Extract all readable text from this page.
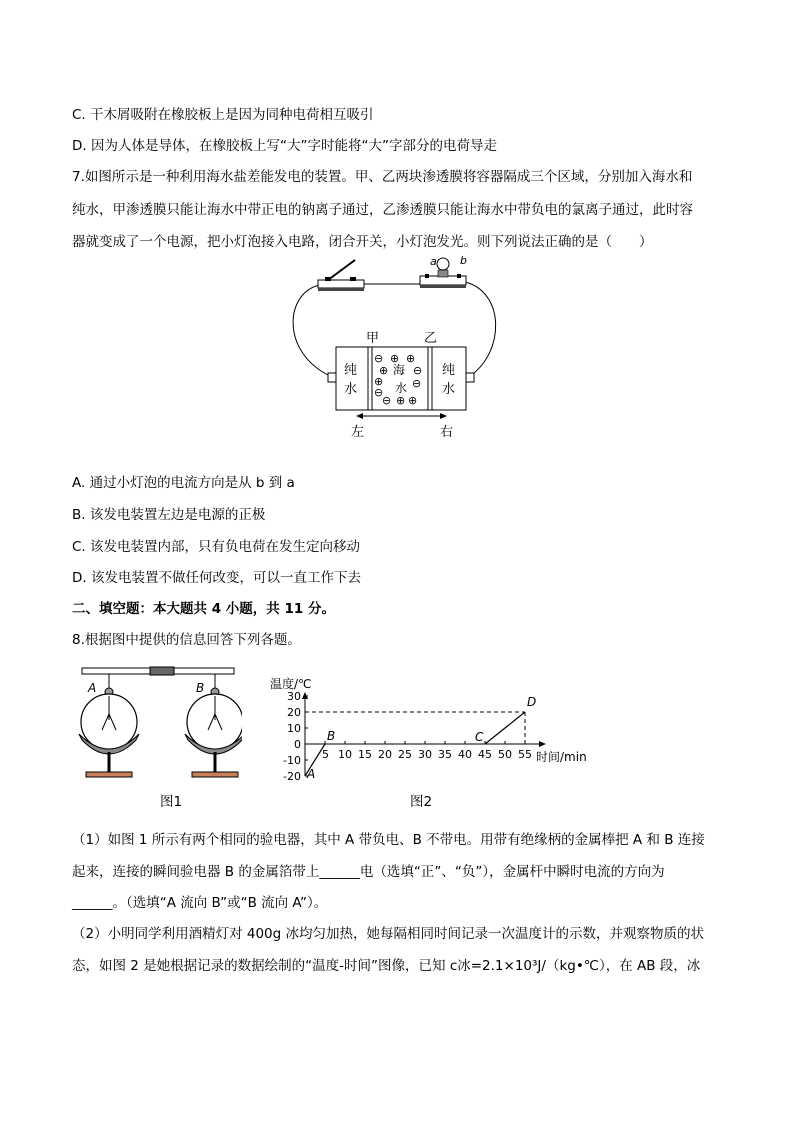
C. 干木屑吸附在橡胶板上是因为同种电荷相互吸引
D. 因为人体是导体，在橡胶板上写“大”字时能将“大”字部分的电荷导走
7.如图所示是一种利用海水盐差能发电的装置。甲、乙两块渗透膜将容器隔成三个区域，分别加入海水和
纯水，甲渗透膜只能让海水中带正电的钠离子通过，乙渗透膜只能让海水中带负电的氯离子通过，此时容
器就变成了一个电源，把小灯泡接入电路，闭合开关，小灯泡发光。则下列说法正确的是（　　）
a b
甲	乙
纯
水
纯
水
海
水
⊖ ⊕ ⊕
⊕ ⊖
⊕	⊖
⊖
⊖ ⊕ ⊕
左	右
A. 通过小灯泡的电流方向是从 b 到 a
B. 该发电装置左边是电源的正极
C. 该发电装置内部，只有负电荷在发生定向移动
D. 该发电装置不做任何改变，可以一直工作下去
二、填空题：本大题共 4 小题，共 11 分。
8.根据图中提供的信息回答下列各题。
A	B
图1
温度/℃
时间/min
5 10 15 20 25 30 35 40 45 50 55
30
20
10
0
-10
-20 A
B	C
D
图2
（1）如图 1 所示有两个相同的验电器，其中 A 带负电、B 不带电。用带有绝缘柄的金属棒把 A 和 B 连接
起来，连接的瞬间验电器 B 的金属箔带上______电（选填“正”、“负”），金属杆中瞬时电流的方向为
______。（选填“A 流向 B”或“B 流向 A”）。
（2）小明同学利用酒精灯对 400g 冰均匀加热，她每隔相同时间记录一次温度计的示数，并观察物质的状
态，如图 2 是她根据记录的数据绘制的“温度-时间”图像，已知 c冰=2.1×10³J/（kg•℃），在 AB 段，冰
